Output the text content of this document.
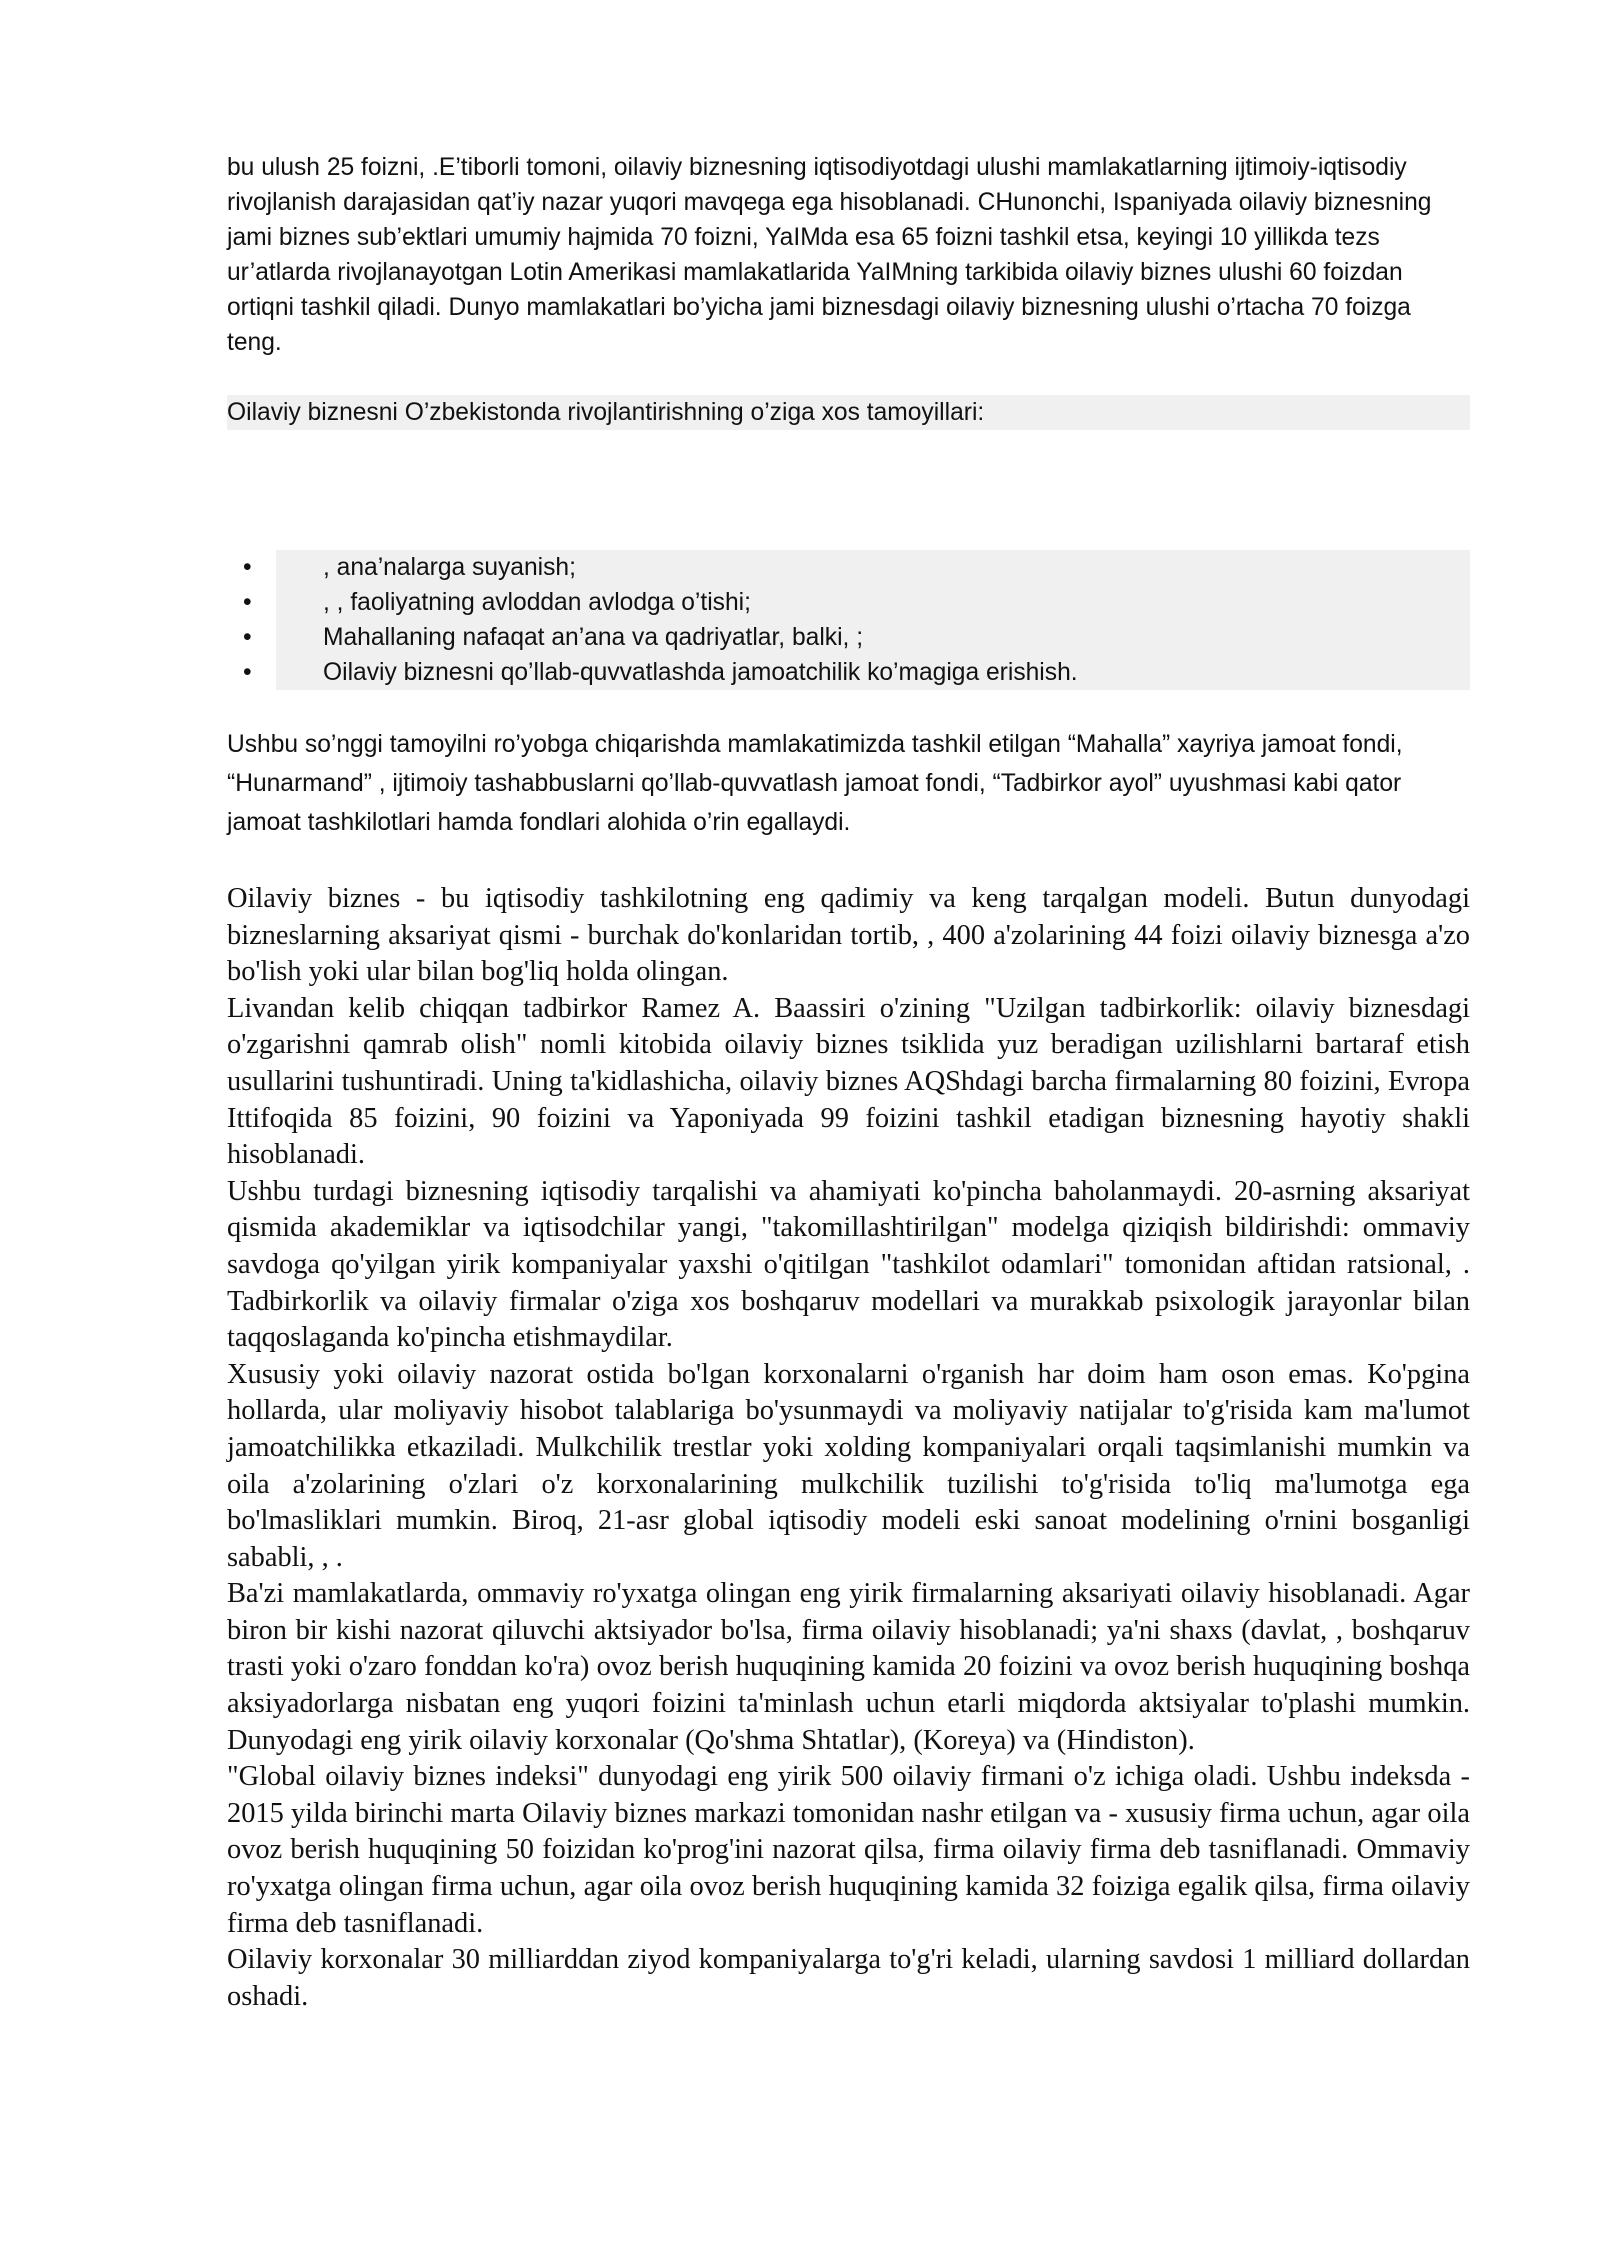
bu ulush 25 foizni, .E’tiborli tomoni, oilaviy biznesning iqtisodiyotdagi ulushi mamlakatlarning ijtimoiy-iqtisodiy rivojlanish darajasidan qat’iy nazar yuqori mavqega ega hisoblanadi. CHunonchi, Ispaniyada oilaviy biznesning jami biznes sub’ektlari umumiy hajmida 70 foizni, YaIMda esa 65 foizni tashkil etsa, keyingi 10 yillikda tezs ur’atlarda rivojlanayotgan Lotin Amerikasi mamlakatlarida YaIMning tarkibida oilaviy biznes ulushi 60 foizdan ortiqni tashkil qiladi. Dunyo mamlakatlari bo’yicha jami biznesdagi oilaviy biznesning ulushi o’rtacha 70 foizga teng.

Oilaviy biznesni O’zbekistonda rivojlantirishning o’ziga xos tamoyillari:

•	, ana’nalarga suyanish;
•	, , faoliyatning avloddan avlodga o’tishi;
•	Mahallaning nafaqat an’ana va qadriyatlar, balki, ;
•	Oilaviy biznesni qo’llab-quvvatlashda jamoatchilik ko’magiga erishish.

Ushbu so’nggi tamoyilni ro’yobga chiqarishda mamlakatimizda tashkil etilgan “Mahalla” xayriya jamoat fondi, “Hunarmand” , ijtimoiy tashabbuslarni qo’llab-quvvatlash jamoat fondi, “Tadbirkor ayol” uyushmasi kabi qator jamoat tashkilotlari hamda fondlari alohida o’rin egallaydi.

Oilaviy biznes - bu iqtisodiy tashkilotning eng qadimiy va keng tarqalgan modeli. Butun dunyodagi bizneslarning aksariyat qismi - burchak do'konlaridan tortib, , 400 a'zolarining 44 foizi oilaviy biznesga a'zo bo'lish yoki ular bilan bog'liq holda olingan.

Livandan kelib chiqqan tadbirkor Ramez A. Baassiri o'zining "Uzilgan tadbirkorlik: oilaviy biznesdagi o'zgarishni qamrab olish" nomli kitobida oilaviy biznes tsiklida yuz beradigan uzilishlarni bartaraf etish usullarini tushuntiradi. Uning ta'kidlashicha, oilaviy biznes AQShdagi barcha firmalarning 80 foizini, Evropa Ittifoqida 85 foizini, 90 foizini va Yaponiyada 99 foizini tashkil etadigan biznesning hayotiy shakli hisoblanadi.

Ushbu turdagi biznesning iqtisodiy tarqalishi va ahamiyati ko'pincha baholanmaydi. 20-asrning aksariyat qismida akademiklar va iqtisodchilar yangi, "takomillashtirilgan" modelga qiziqish bildirishdi: ommaviy savdoga qo'yilgan yirik kompaniyalar yaxshi o'qitilgan "tashkilot odamlari" tomonidan aftidan ratsional, . Tadbirkorlik va oilaviy firmalar o'ziga xos boshqaruv modellari va murakkab psixologik jarayonlar bilan taqqoslaganda ko'pincha etishmaydilar.

Xususiy yoki oilaviy nazorat ostida bo'lgan korxonalarni o'rganish har doim ham oson emas. Ko'pgina hollarda, ular moliyaviy hisobot talablariga bo'ysunmaydi va moliyaviy natijalar to'g'risida kam ma'lumot jamoatchilikka etkaziladi. Mulkchilik trestlar yoki xolding kompaniyalari orqali taqsimlanishi mumkin va oila a'zolarining o'zlari o'z korxonalarining mulkchilik tuzilishi to'g'risida to'liq ma'lumotga ega bo'lmasliklari mumkin. Biroq, 21-asr global iqtisodiy modeli eski sanoat modelining o'rnini bosganligi sababli, , .

Ba'zi mamlakatlarda, ommaviy ro'yxatga olingan eng yirik firmalarning aksariyati oilaviy hisoblanadi. Agar biron bir kishi nazorat qiluvchi aktsiyador bo'lsa, firma oilaviy hisoblanadi; ya'ni shaxs (davlat, , boshqaruv trasti yoki o'zaro fonddan ko'ra) ovoz berish huquqining kamida 20 foizini va ovoz berish huquqining boshqa aksiyadorlarga nisbatan eng yuqori foizini ta'minlash uchun etarli miqdorda aktsiyalar to'plashi mumkin. Dunyodagi eng yirik oilaviy korxonalar (Qo'shma Shtatlar), (Koreya) va (Hindiston).

"Global oilaviy biznes indeksi" dunyodagi eng yirik 500 oilaviy firmani o'z ichiga oladi. Ushbu indeksda - 2015 yilda birinchi marta Oilaviy biznes markazi tomonidan nashr etilgan va - xususiy firma uchun, agar oila ovoz berish huquqining 50 foizidan ko'prog'ini nazorat qilsa, firma oilaviy firma deb tasniflanadi. Ommaviy ro'yxatga olingan firma uchun, agar oila ovoz berish huquqining kamida 32 foiziga egalik qilsa, firma oilaviy firma deb tasniflanadi.

Oilaviy korxonalar 30 milliarddan ziyod kompaniyalarga to'g'ri keladi, ularning savdosi 1 milliard dollardan oshadi.
